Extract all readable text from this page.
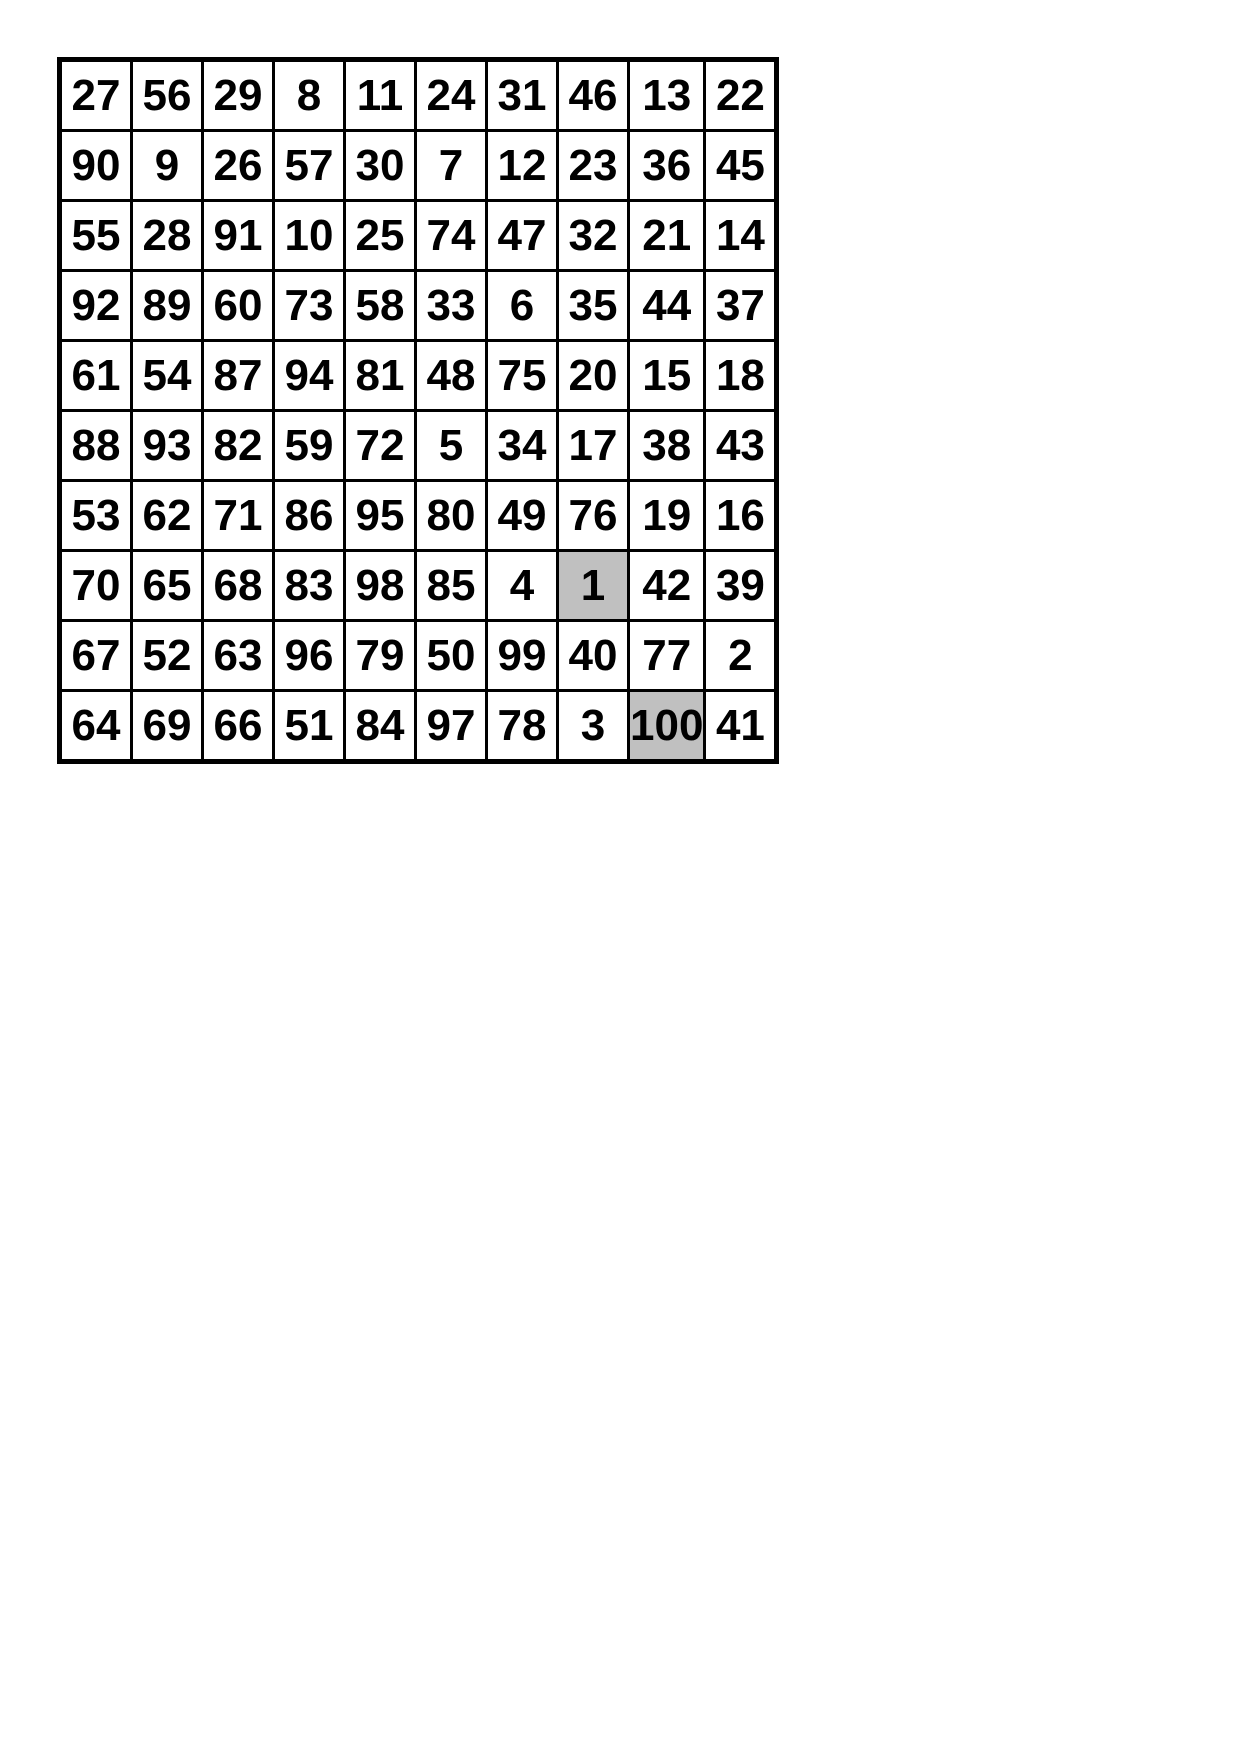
27	56	29	8	11	24	31	46	13	22
90	9	26	57	30	7	12	23	36	45
55	28	91	10	25	74	47	32	21	14
92	89	60	73	58	33	6	35	44	37
61	54	87	94	81	48	75	20	15	18
88	93	82	59	72	5	34	17	38	43
53	62	71	86	95	80	49	76	19	16
70	65	68	83	98	85	4	1	42	39
67	52	63	96	79	50	99	40	77	2
64	69	66	51	84	97	78	3	100	41
